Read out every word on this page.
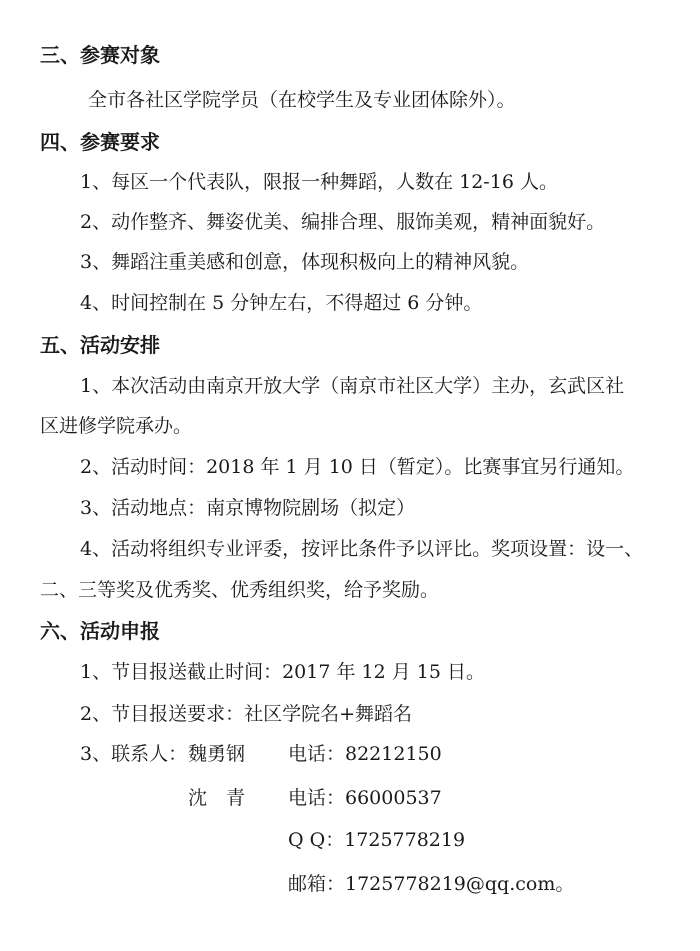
三、参赛对象
全市各社区学院学员（在校学生及专业团体除外）。
四、参赛要求
1、每区一个代表队，限报一种舞蹈，人数在 12-16 人。
2、动作整齐、舞姿优美、编排合理、服饰美观，精神面貌好。
3、舞蹈注重美感和创意，体现积极向上的精神风貌。
4、时间控制在 5 分钟左右，不得超过 6 分钟。
五、活动安排
1、本次活动由南京开放大学（南京市社区大学）主办，玄武区社
区进修学院承办。
2、活动时间：2018 年 1 月 10 日（暂定）。比赛事宜另行通知。
3、活动地点：南京博物院剧场（拟定）
4、活动将组织专业评委，按评比条件予以评比。奖项设置：设一、
二、三等奖及优秀奖、优秀组织奖，给予奖励。
六、活动申报
1、节目报送截止时间：2017 年 12 月 15 日。
2、节目报送要求：社区学院名+舞蹈名
3、联系人： 魏勇钢 电话：82212150
沈　青 电话：66000537
Q Q：1725778219
邮箱：1725778219@qq.com。
